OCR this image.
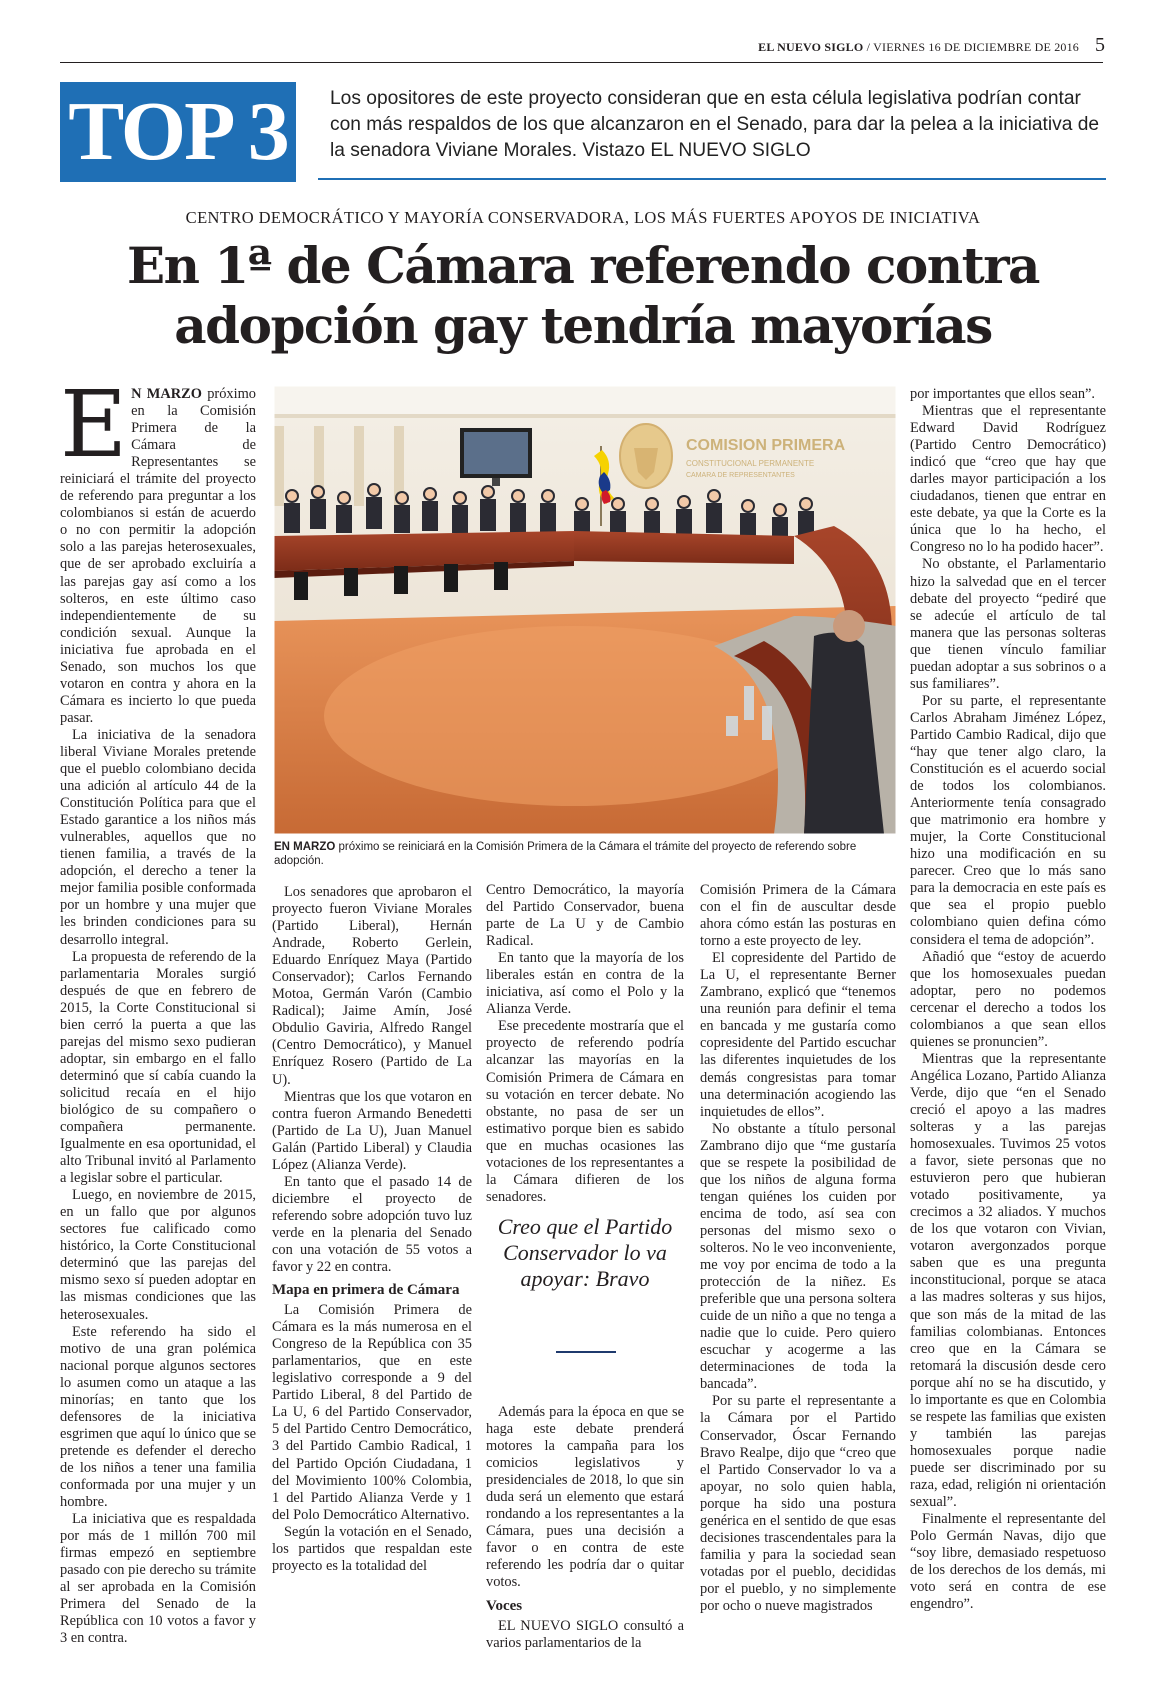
EL NUEVO SIGLO / VIERNES 16 DE DICIEMBRE DE 2016 5
TOP 3	Los opositores de este proyecto consideran que en esta célula legislativa podrían contar con más respaldos de los que alcanzaron en el Senado, para dar la pelea a la iniciativa de la senadora Viviane Morales. Vistazo EL NUEVO SIGLO
CENTRO DEMOCRÁTICO Y MAYORÍA CONSERVADORA, LOS MÁS FUERTES APOYOS DE INICIATIVA
En 1ª de Cámara referendo contra
adopción gay tendría mayorías

E N MARZO próximo en la Comisión Primera de la Cámara de Representantes se reiniciará el trámite del proyecto de referendo para preguntar a los colombianos si están de acuerdo o no con permitir la adopción solo a las parejas heterosexuales, que de ser aprobado excluiría a las parejas gay así como a los solteros, en este último caso independientemente de su condición sexual. Aunque la iniciativa fue aprobada en el Senado, son muchos los que votaron en contra y ahora en la Cámara es incierto lo que pueda pasar.

La iniciativa de la senadora liberal Viviane Morales pretende que el pueblo colombiano decida una adición al artículo 44 de la Constitución Política para que el Estado garantice a los niños más vulnerables, aquellos que no tienen familia, a través de la adopción, el derecho a tener la mejor familia posible conformada por un hombre y una mujer que les brinden condiciones para su desarrollo integral.

La propuesta de referendo de la parlamentaria Morales surgió después de que en febrero de 2015, la Corte Constitucional si bien cerró la puerta a que las parejas del mismo sexo pudieran adoptar, sin embargo en el fallo determinó que sí cabía cuando la solicitud recaía en el hijo biológico de su compañero o compañera permanente. Igualmente en esa oportunidad, el alto Tribunal invitó al Parlamento a legislar sobre el particular.

Luego, en noviembre de 2015, en un fallo que por algunos sectores fue calificado como histórico, la Corte Constitucional determinó que las parejas del mismo sexo sí pueden adoptar en las mismas condiciones que las heterosexuales.

Este referendo ha sido el motivo de una gran polémica nacional porque algunos sectores lo asumen como un ataque a las minorías; en tanto que los defensores de la iniciativa esgrimen que aquí lo único que se pretende es defender el derecho de los niños a tener una familia conformada por una mujer y un hombre.

La iniciativa que es respaldada por más de 1 millón 700 mil firmas empezó en septiembre pasado con pie derecho su trámite al ser aprobada en la Comisión Primera del Senado de la República con 10 votos a favor y 3 en contra.

COMISION PRIMERA
CONSTITUCIONAL PERMANENTE
CAMARA DE REPRESENTANTES
EN MARZO próximo se reiniciará en la Comisión Primera de la Cámara el trámite del proyecto de referendo sobre adopción.

Los senadores que aprobaron el proyecto fueron Viviane Morales (Partido Liberal), Hernán Andrade, Roberto Gerlein, Eduardo Enríquez Maya (Partido Conservador); Carlos Fernando Motoa, Germán Varón (Cambio Radical); Jaime Amín, José Obdulio Gaviria, Alfredo Rangel (Centro Democrático), y Manuel Enríquez Rosero (Partido de La U).

Mientras que los que votaron en contra fueron Armando Benedetti (Partido de La U), Juan Manuel Galán (Partido Liberal) y Claudia López (Alianza Verde).

En tanto que el pasado 14 de diciembre el proyecto de referendo sobre adopción tuvo luz verde en la plenaria del Senado con una votación de 55 votos a favor y 22 en contra.

Mapa en primera de Cámara

La Comisión Primera de Cámara es la más numerosa en el Congreso de la República con 35 parlamentarios, que en este legislativo corresponde a 9 del Partido Liberal, 8 del Partido de La U, 6 del Partido Conservador, 5 del Partido Centro Democrático, 3 del Partido Cambio Radical, 1 del Partido Opción Ciudadana, 1 del Movimiento 100% Colombia, 1 del Partido Alianza Verde y 1 del Polo Democrático Alternativo.

Según la votación en el Senado, los partidos que respaldan este proyecto es la totalidad del

Centro Democrático, la mayoría del Partido Conservador, buena parte de La U y de Cambio Radical.

En tanto que la mayoría de los liberales están en contra de la iniciativa, así como el Polo y la Alianza Verde.

Ese precedente mostraría que el proyecto de referendo podría alcanzar las mayorías en la Comisión Primera de Cámara en su votación en tercer debate. No obstante, no pasa de ser un estimativo porque bien es sabido que en muchas ocasiones las votaciones de los representantes a la Cámara difieren de los senadores.

Creo que el Partido Conservador lo va apoyar: Bravo

Además para la época en que se haga este debate prenderá motores la campaña para los comicios legislativos y presidenciales de 2018, lo que sin duda será un elemento que estará rondando a los representantes a la Cámara, pues una decisión a favor o en contra de este referendo les podría dar o quitar votos.

Voces

EL NUEVO SIGLO consultó a varios parlamentarios de la

Comisión Primera de la Cámara con el fin de auscultar desde ahora cómo están las posturas en torno a este proyecto de ley.

El copresidente del Partido de La U, el representante Berner Zambrano, explicó que “tenemos una reunión para definir el tema en bancada y me gustaría como copresidente del Partido escuchar las diferentes inquietudes de los demás congresistas para tomar una determinación acogiendo las inquietudes de ellos”.

No obstante a título personal Zambrano dijo que “me gustaría que se respete la posibilidad de que los niños de alguna forma tengan quiénes los cuiden por encima de todo, así sea con personas del mismo sexo o solteros. No le veo inconveniente, me voy por encima de todo a la protección de la niñez. Es preferible que una persona soltera cuide de un niño a que no tenga a nadie que lo cuide. Pero quiero escuchar y acogerme a las determinaciones de toda la bancada”.

Por su parte el representante a la Cámara por el Partido Conservador, Óscar Fernando Bravo Realpe, dijo que “creo que el Partido Conservador lo va a apoyar, no solo quien habla, porque ha sido una postura genérica en el sentido de que esas decisiones trascendentales para la familia y para la sociedad sean votadas por el pueblo, decididas por el pueblo, y no simplemente por ocho o nueve magistrados

por importantes que ellos sean”.

Mientras que el representante Edward David Rodríguez (Partido Centro Democrático) indicó que “creo que hay que darles mayor participación a los ciudadanos, tienen que entrar en este debate, ya que la Corte es la única que lo ha hecho, el Congreso no lo ha podido hacer”.

No obstante, el Parlamentario hizo la salvedad que en el tercer debate del proyecto “pediré que se adecúe el artículo de tal manera que las personas solteras que tienen vínculo familiar puedan adoptar a sus sobrinos o a sus familiares”.

Por su parte, el representante Carlos Abraham Jiménez López, Partido Cambio Radical, dijo que “hay que tener algo claro, la Constitución es el acuerdo social de todos los colombianos. Anteriormente tenía consagrado que matrimonio era hombre y mujer, la Corte Constitucional hizo una modificación en su parecer. Creo que lo más sano para la democracia en este país es que sea el propio pueblo colombiano quien defina cómo considera el tema de adopción”.

Añadió que “estoy de acuerdo que los homosexuales puedan adoptar, pero no podemos cercenar el derecho a todos los colombianos a que sean ellos quienes se pronuncien”.

Mientras que la representante Angélica Lozano, Partido Alianza Verde, dijo que “en el Senado creció el apoyo a las madres solteras y a las parejas homosexuales. Tuvimos 25 votos a favor, siete personas que no estuvieron pero que hubieran votado positivamente, ya crecimos a 32 aliados. Y muchos de los que votaron con Vivian, votaron avergonzados porque saben que es una pregunta inconstitucional, porque se ataca a las madres solteras y sus hijos, que son más de la mitad de las familias colombianas. Entonces creo que en la Cámara se retomará la discusión desde cero porque ahí no se ha discutido, y lo importante es que en Colombia se respete las familias que existen y también las parejas homosexuales porque nadie puede ser discriminado por su raza, edad, religión ni orientación sexual”.

Finalmente el representante del Polo Germán Navas, dijo que “soy libre, demasiado respetuoso de los derechos de los demás, mi voto será en contra de ese engendro”.
